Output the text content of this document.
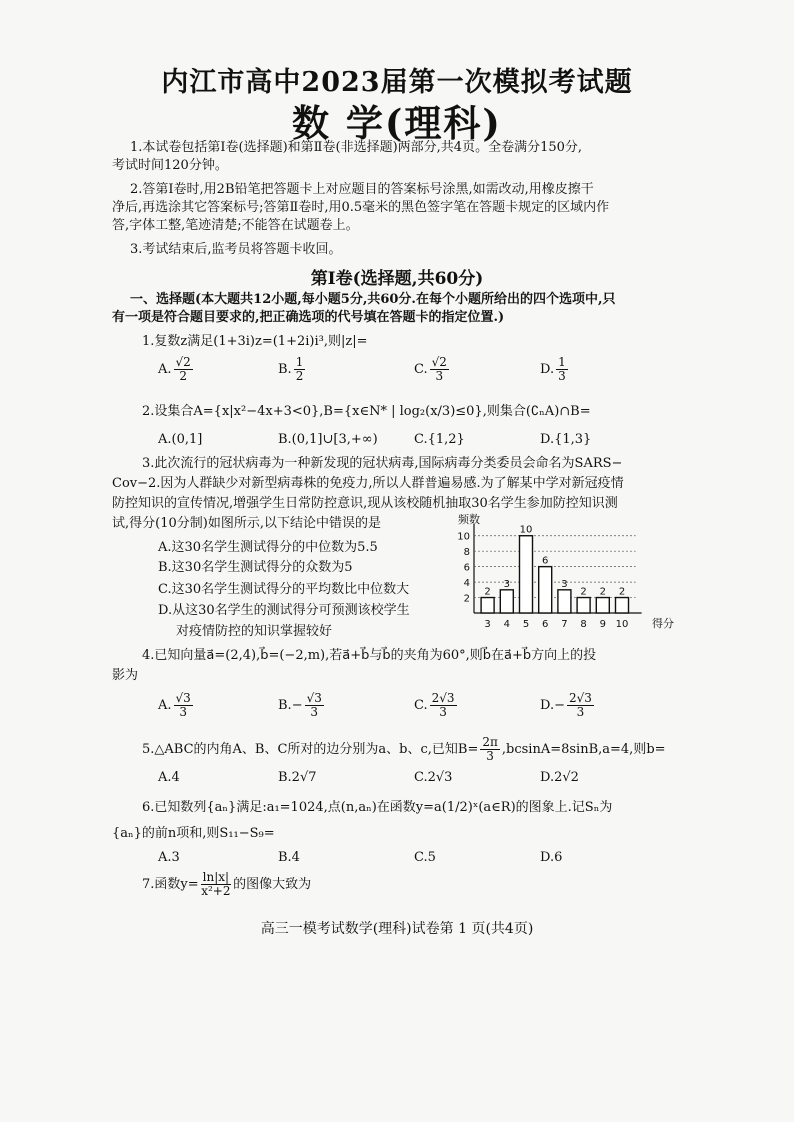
内江市高中2023届第一次模拟考试题
数 学(理科)
1.本试卷包括第Ⅰ卷(选择题)和第Ⅱ卷(非选择题)两部分,共4页。全卷满分150分,
考试时间120分钟。
2.答第Ⅰ卷时,用2B铅笔把答题卡上对应题目的答案标号涂黑,如需改动,用橡皮擦干
净后,再选涂其它答案标号;答第Ⅱ卷时,用0.5毫米的黑色签字笔在答题卡规定的区域内作
答,字体工整,笔迹清楚;不能答在试题卷上。
3.考试结束后,监考员将答题卡收回。
第Ⅰ卷(选择题,共60分)
一、选择题(本大题共12小题,每小题5分,共60分.在每个小题所给出的四个选项中,只
有一项是符合题目要求的,把正确选项的代号填在答题卡的指定位置.)
1.复数z满足(1+3i)z=(1+2i)i³,则|z|=
A. $\frac{√2}{2}$	B. $\frac{1}{2}$	C. $\frac{√2}{3}$	D. $\frac{1}{3}$
2.设集合A={x|x²−4x+3<0},B={x∈N* | log₂(x/3)≤0},则集合(∁ₙA)∩B=
A.(0,1]	B.(0,1]∪[3,+∞)	C.{1,2}	D.{1,3}
3.此次流行的冠状病毒为一种新发现的冠状病毒,国际病毒分类委员会命名为SARS−
Cov−2.因为人群缺少对新型病毒株的免疫力,所以人群普遍易感.为了解某中学对新冠疫情
防控知识的宣传情况,增强学生日常防控意识,现从该校随机抽取30名学生参加防控知识测
试,得分(10分制)如图所示,以下结论中错误的是
A.这30名学生测试得分的中位数为5.5
B.这30名学生测试得分的众数为5
C.这30名学生测试得分的平均数比中位数大
D.从这30名学生的测试得分可预测该校学生
对疫情防控的知识掌握较好
频数
得分
2
4
6
8
10
2
3
3
4
10
5
6
6
3
7
2
8
2
9
2
10
4.已知向量a⃗=(2,4),b⃗=(−2,m),若a⃗+b⃗与b⃗的夹角为60°,则b⃗在a⃗+b⃗方向上的投
影为
A. $\frac{√3}{3}$	$B.- \frac{√3}{3}$	C. $\frac{2√3}{3}$	$D.- \frac{2√3}{3}$
5.△ABC的内角A、B、C所对的边分别为a、b、c,已知$B= \frac{2\pi}{3} ,bcsinA=8\sin B,a=4$,则b=
A.4	B.2√7	C.2√3	D.2√2
6.已知数列{aₙ}满足:a₁=1024,点(n,aₙ)在函数y=a(1/2)ˣ(a∈R)的图象上.记Sₙ为
{aₙ}的前n项和,则S₁₁−S₉=
A.3	B.4	C.5	D.6
7.函数$y= \frac{\ln|x|}{\text{x²+2}}$ 的图像大致为
高三一模考试数学(理科)试卷第 1 页(共4页)
